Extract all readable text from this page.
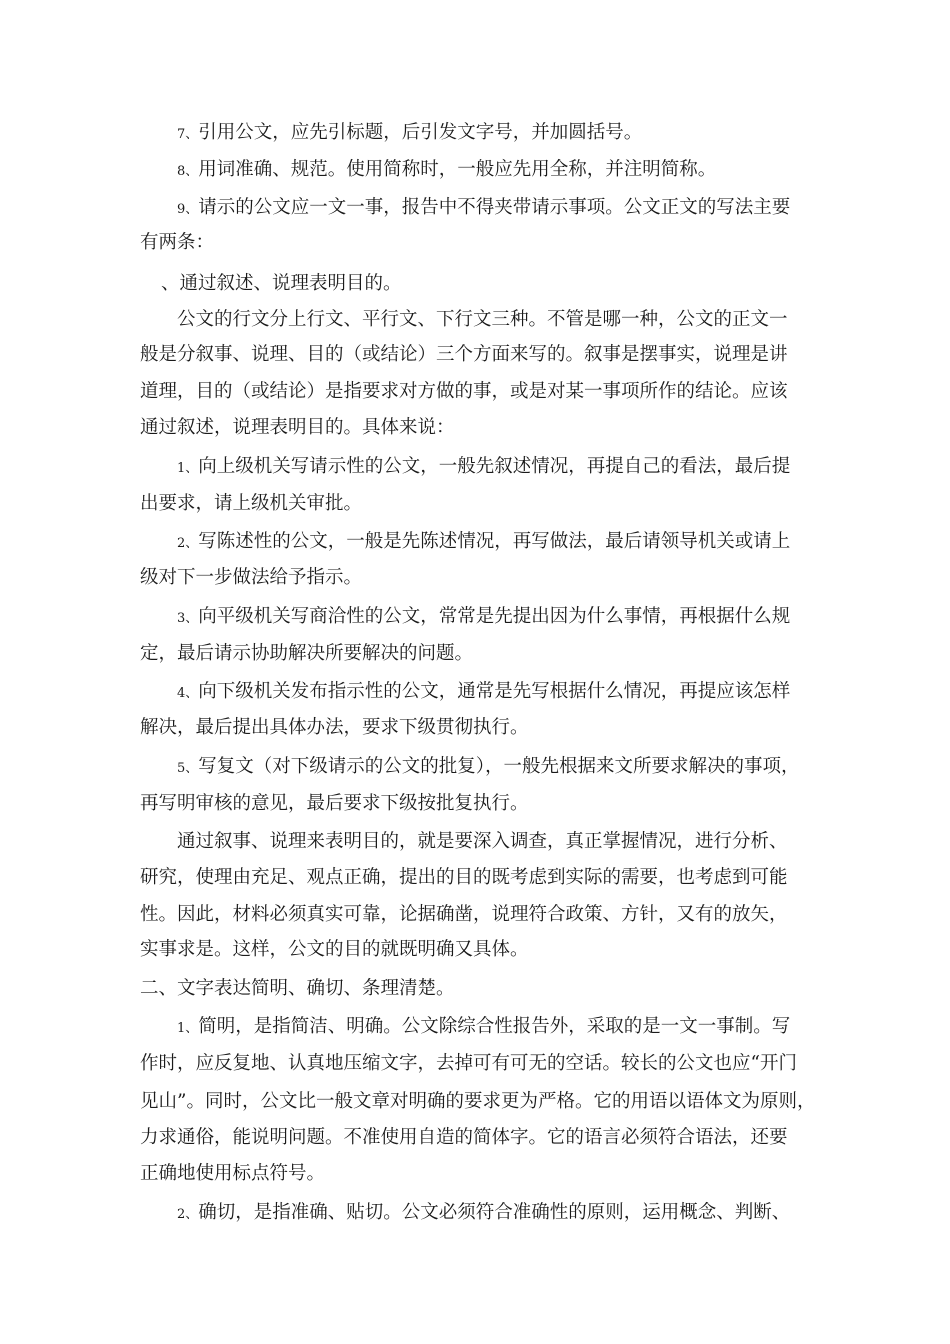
7、引用公文，应先引标题，后引发文字号，并加圆括号。

8、用词准确、规范。使用简称时，一般应先用全称，并注明简称。

9、请示的公文应一文一事，报告中不得夹带请示事项。公文正文的写法主要

有两条：

、通过叙述、说理表明目的。

公文的行文分上行文、平行文、下行文三种。不管是哪一种，公文的正文一

般是分叙事、说理、目的（或结论）三个方面来写的。叙事是摆事实，说理是讲

道理，目的（或结论）是指要求对方做的事，或是对某一事项所作的结论。应该

通过叙述，说理表明目的。具体来说：

1、向上级机关写请示性的公文，一般先叙述情况，再提自己的看法，最后提

出要求，请上级机关审批。

2、写陈述性的公文，一般是先陈述情况，再写做法，最后请领导机关或请上

级对下一步做法给予指示。

3、向平级机关写商洽性的公文，常常是先提出因为什么事情，再根据什么规

定，最后请示协助解决所要解决的问题。

4、向下级机关发布指示性的公文，通常是先写根据什么情况，再提应该怎样

解决，最后提出具体办法，要求下级贯彻执行。

5、写复文（对下级请示的公文的批复），一般先根据来文所要求解决的事项，

再写明审核的意见，最后要求下级按批复执行。

通过叙事、说理来表明目的，就是要深入调查，真正掌握情况，进行分析、

研究，使理由充足、观点正确，提出的目的既考虑到实际的需要，也考虑到可能

性。因此，材料必须真实可靠，论据确凿，说理符合政策、方针，又有的放矢，

实事求是。这样，公文的目的就既明确又具体。

二、文字表达简明、确切、条理清楚。

1、简明，是指简洁、明确。公文除综合性报告外，采取的是一文一事制。写

作时，应反复地、认真地压缩文字，去掉可有可无的空话。较长的公文也应“开门

见山”。同时，公文比一般文章对明确的要求更为严格。它的用语以语体文为原则，

力求通俗，能说明问题。不准使用自造的简体字。它的语言必须符合语法，还要

正确地使用标点符号。

2、确切，是指准确、贴切。公文必须符合准确性的原则，运用概念、判断、
